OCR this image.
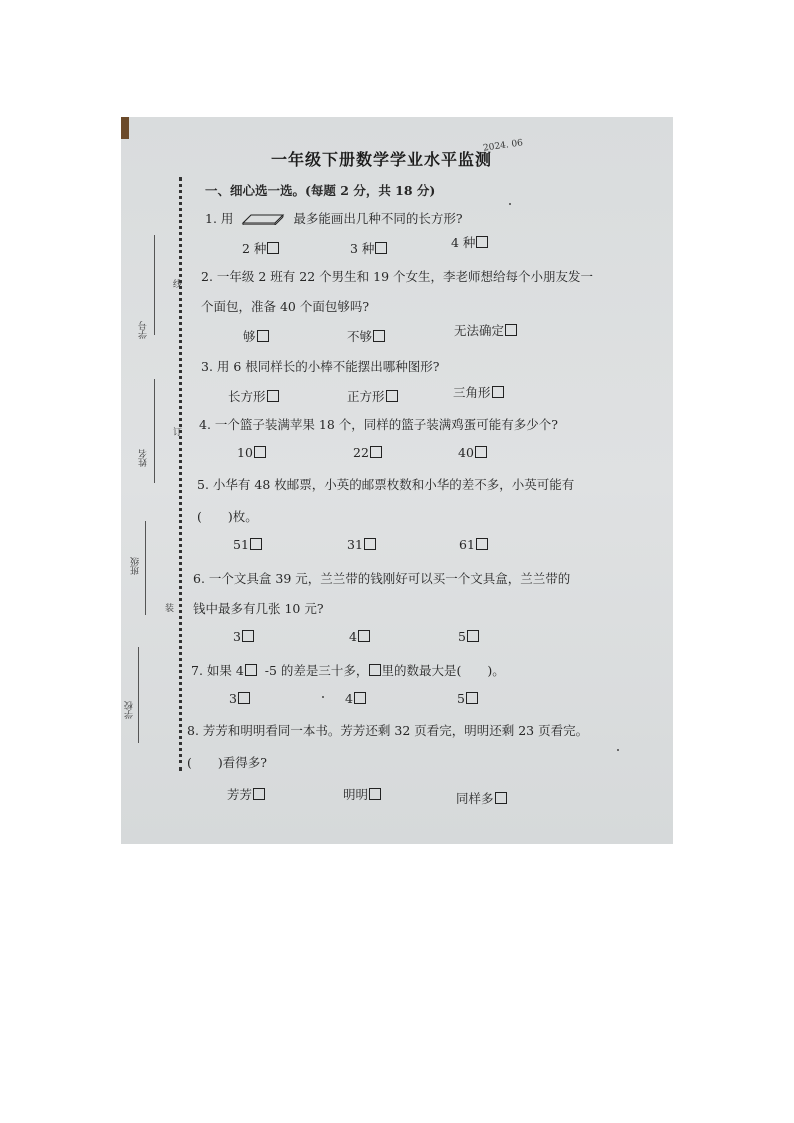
一年级下册数学学业水平监测
2024. 06
线
订
装
学号
姓名
班级
学校
一、细心选一选。(每题 2 分，共 18 分)
1. 用	最多能画出几种不同的长方形?
2 种	3 种	4 种
2. 一年级 2 班有 22 个男生和 19 个女生，李老师想给每个小朋友发一
个面包，准备 40 个面包够吗?
够	不够	无法确定
3. 用 6 根同样长的小棒不能摆出哪种图形?
长方形	正方形	三角形
4. 一个篮子装满苹果 18 个，同样的篮子装满鸡蛋可能有多少个?
10	22	40
5. 小华有 48 枚邮票，小英的邮票枚数和小华的差不多，小英可能有
( )枚。
51	31	61
6. 一个文具盒 39 元，兰兰带的钱刚好可以买一个文具盒，兰兰带的
钱中最多有几张 10 元?
3	4	5
7. 如果 4 -5 的差是三十多， 里的数最大是( )。
3	4	5
8. 芳芳和明明看同一本书。芳芳还剩 32 页看完，明明还剩 23 页看完。
( )看得多?
芳芳	明明	同样多
